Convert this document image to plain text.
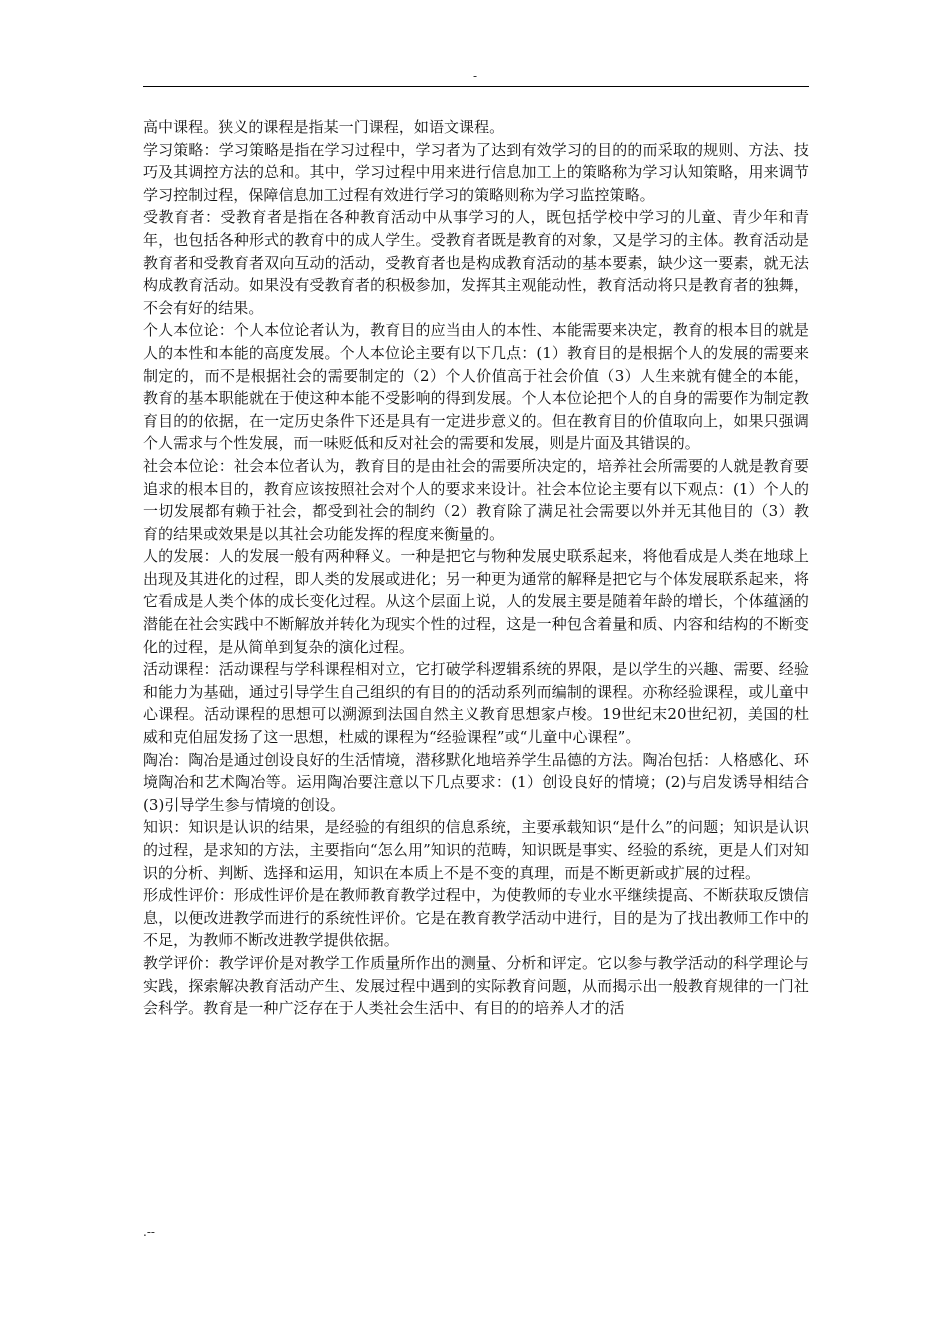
-

高中课程。狭义的课程是指某一门课程，如语文课程。

学习策略：学习策略是指在学习过程中，学习者为了达到有效学习的目的的而采取的规则、方法、技巧及其调控方法的总和。其中，学习过程中用来进行信息加工上的策略称为学习认知策略，用来调节学习控制过程，保障信息加工过程有效进行学习的策略则称为学习监控策略。

受教育者：受教育者是指在各种教育活动中从事学习的人，既包括学校中学习的儿童、青少年和青年，也包括各种形式的教育中的成人学生。受教育者既是教育的对象，又是学习的主体。教育活动是教育者和受教育者双向互动的活动，受教育者也是构成教育活动的基本要素，缺少这一要素，就无法构成教育活动。如果没有受教育者的积极参加，发挥其主观能动性，教育活动将只是教育者的独舞，不会有好的结果。

个人本位论：个人本位论者认为，教育目的应当由人的本性、本能需要来决定，教育的根本目的就是人的本性和本能的高度发展。个人本位论主要有以下几点：(1）教育目的是根据个人的发展的需要来制定的，而不是根据社会的需要制定的（2）个人价值高于社会价值（3）人生来就有健全的本能，教育的基本职能就在于使这种本能不受影响的得到发展。个人本位论把个人的自身的需要作为制定教育目的的依据，在一定历史条件下还是具有一定进步意义的。但在教育目的价值取向上，如果只强调个人需求与个性发展，而一味贬低和反对社会的需要和发展，则是片面及其错误的。

社会本位论：社会本位者认为，教育目的是由社会的需要所决定的，培养社会所需要的人就是教育要追求的根本目的，教育应该按照社会对个人的要求来设计。社会本位论主要有以下观点：(1）个人的一切发展都有赖于社会，都受到社会的制约（2）教育除了满足社会需要以外并无其他目的（3）教育的结果或效果是以其社会功能发挥的程度来衡量的。

人的发展：人的发展一般有两种释义。一种是把它与物种发展史联系起来，将他看成是人类在地球上出现及其进化的过程，即人类的发展或进化；另一种更为通常的解释是把它与个体发展联系起来，将它看成是人类个体的成长变化过程。从这个层面上说，人的发展主要是随着年龄的增长，个体蕴涵的潜能在社会实践中不断解放并转化为现实个性的过程，这是一种包含着量和质、内容和结构的不断变化的过程，是从简单到复杂的演化过程。

活动课程：活动课程与学科课程相对立，它打破学科逻辑系统的界限，是以学生的兴趣、需要、经验和能力为基础，通过引导学生自己组织的有目的的活动系列而编制的课程。亦称经验课程，或儿童中心课程。活动课程的思想可以溯源到法国自然主义教育思想家卢梭。19世纪末20世纪初，美国的杜威和克伯屈发扬了这一思想，杜威的课程为“经验课程”或“儿童中心课程”。

陶冶：陶冶是通过创设良好的生活情境，潜移默化地培养学生品德的方法。陶冶包括：人格感化、环境陶冶和艺术陶冶等。运用陶冶要注意以下几点要求：(1）创设良好的情境；(2)与启发诱导相结合(3)引导学生参与情境的创设。

知识：知识是认识的结果，是经验的有组织的信息系统，主要承载知识“是什么”的问题；知识是认识的过程，是求知的方法，主要指向“怎么用”知识的范畴，知识既是事实、经验的系统，更是人们对知识的分析、判断、选择和运用，知识在本质上不是不变的真理，而是不断更新或扩展的过程。

形成性评价：形成性评价是在教师教育教学过程中，为使教师的专业水平继续提高、不断获取反馈信息，以便改进教学而进行的系统性评价。它是在教育教学活动中进行，目的是为了找出教师工作中的不足，为教师不断改进教学提供依据。

教学评价：教学评价是对教学工作质量所作出的测量、分析和评定。它以参与教学活动的科学理论与实践，探索解决教育活动产生、发展过程中遇到的实际教育问题，从而揭示出一般教育规律的一门社会科学。教育是一种广泛存在于人类社会生活中、有目的的培养人才的活

.--
